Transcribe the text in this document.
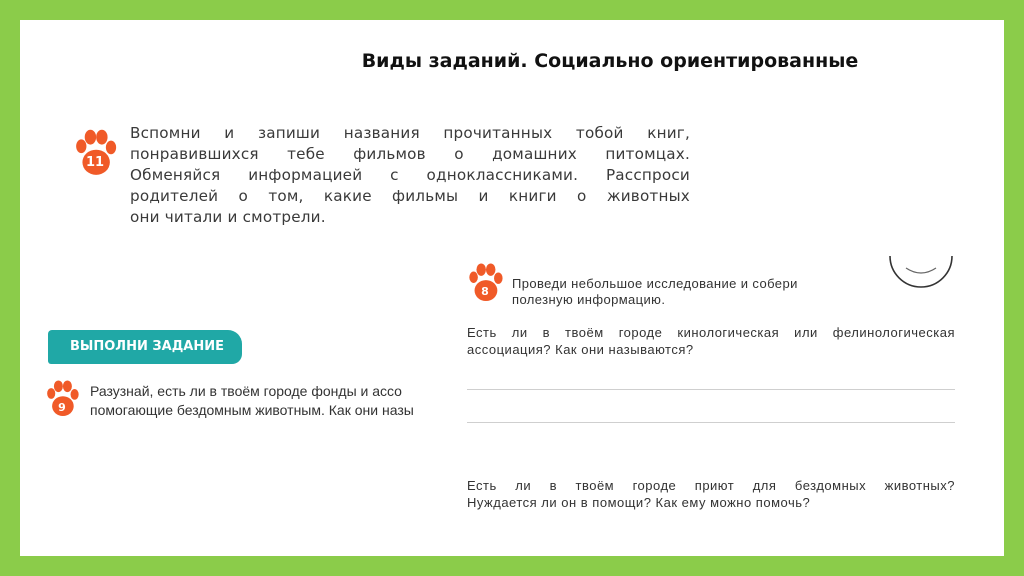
Виды заданий. Социально ориентированные
11
Вспомни и запиши названия прочитанных тобой книг,
понравившихся тебе фильмов о домашних питомцах.
Обменяйся информацией с одноклассниками. Расспроси
родителей о том, какие фильмы и книги о животных
они читали и смотрели.
ВЫПОЛНИ ЗАДАНИЕ
9
Разузнай, есть ли в твоём городе фонды и ассо
помогающие бездомным животным. Как они назы
8
Проведи небольшое исследование и собери
полезную информацию.
Есть ли в твоём городе кинологическая или фелинологическая
ассоциация? Как они называются?
Есть ли в твоём городе приют для бездомных животных?
Нуждается ли он в помощи? Как ему можно помочь?
